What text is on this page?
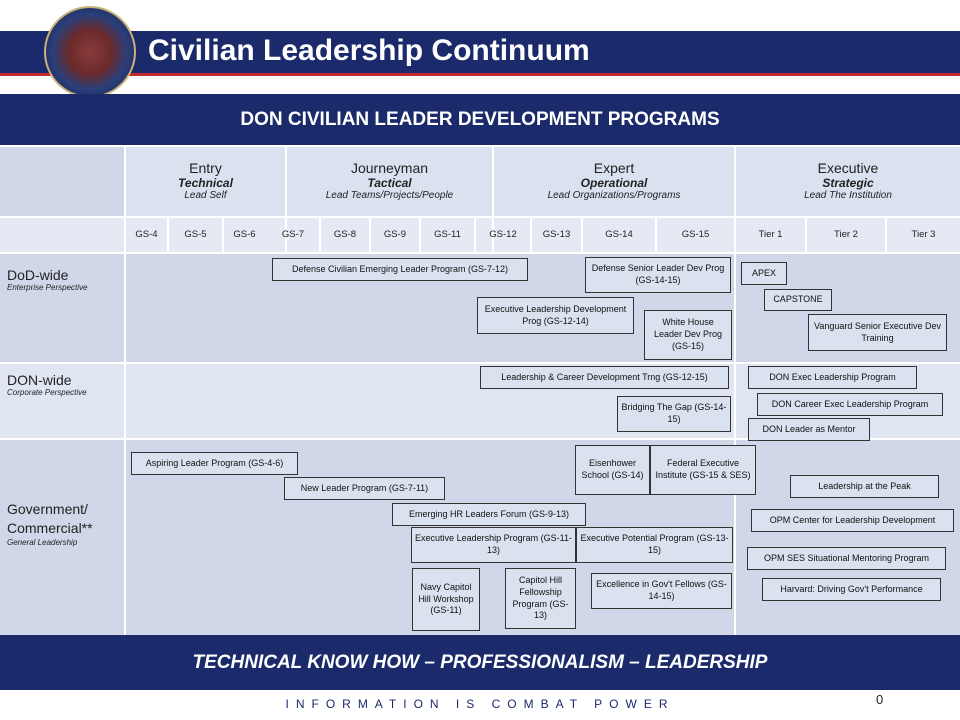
Civilian Leadership Continuum
DON CIVILIAN LEADER DEVELOPMENT PROGRAMS
Entry
Technical
Lead Self
Journeyman
Tactical
Lead Teams/Projects/People
Expert
Operational
Lead Organizations/Programs
Executive
Strategic
Lead The Institution
GS-4	GS-5	GS-6	GS-7	GS-8	GS-9	GS-11	GS-12	GS-13	GS-14	GS-15	Tier 1	Tier 2	Tier 3
DoD-wide
Enterprise Perspective
DON-wide
Corporate Perspective
Government/
Commercial**
General Leadership
Defense Civilian Emerging Leader Program (GS-7-12)	Defense Senior Leader Dev Prog (GS-14-15)
APEX
CAPSTONE
Executive Leadership Development Prog (GS-12-14)	White House Leader Dev Prog (GS-15)
Vanguard Senior Executive Dev Training
Leadership & Career Development Trng (GS-12-15)	DON Exec Leadership Program
Bridging The Gap (GS-14-15)
DON Career Exec Leadership Program
DON Leader as Mentor
Aspiring Leader Program (GS-4-6)	Eisenhower School (GS-14)
Federal Executive Institute (GS-15 & SES)
New Leader Program (GS-7-11)	Leadership at the Peak
Emerging HR Leaders Forum (GS-9-13)
OPM Center for Leadership Development
Executive Leadership Program (GS-11-13)
Executive Potential Program (GS-13-15)
OPM SES Situational Mentoring Program
Navy Capitol Hill Workshop (GS-11)
Capitol Hill Fellowship Program (GS-13)
Excellence in Gov't Fellows (GS-14-15)
Harvard: Driving Gov't Performance
TECHNICAL KNOW HOW – PROFESSIONALISM – LEADERSHIP
INFORMATION IS COMBAT POWER	0
